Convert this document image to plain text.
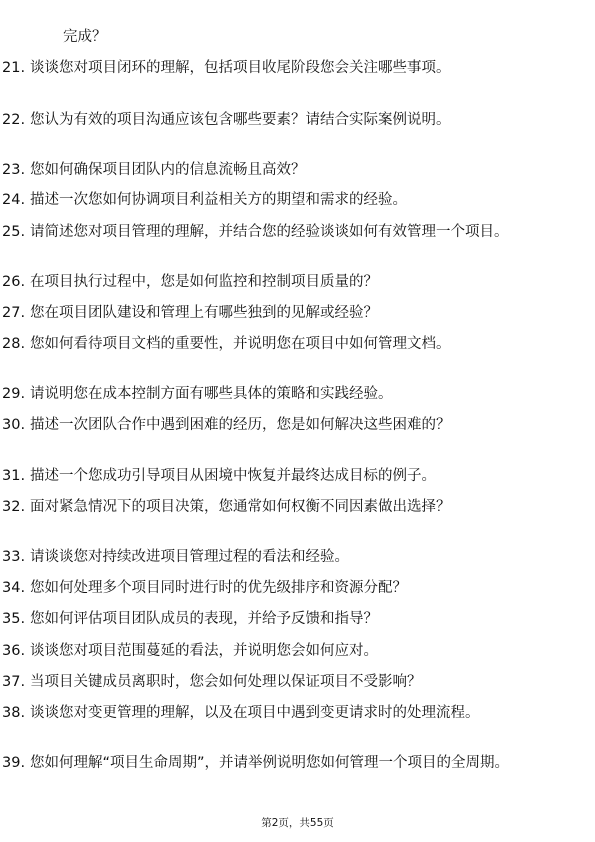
完成？
21. 谈谈您对项目闭环的理解，包括项目收尾阶段您会关注哪些事项。
22. 您认为有效的项目沟通应该包含哪些要素？请结合实际案例说明。
23. 您如何确保项目团队内的信息流畅且高效？
24. 描述一次您如何协调项目利益相关方的期望和需求的经验。
25. 请简述您对项目管理的理解，并结合您的经验谈谈如何有效管理一个项目。
26. 在项目执行过程中，您是如何监控和控制项目质量的？
27. 您在项目团队建设和管理上有哪些独到的见解或经验？
28. 您如何看待项目文档的重要性，并说明您在项目中如何管理文档。
29. 请说明您在成本控制方面有哪些具体的策略和实践经验。
30. 描述一次团队合作中遇到困难的经历，您是如何解决这些困难的？
31. 描述一个您成功引导项目从困境中恢复并最终达成目标的例子。
32. 面对紧急情况下的项目决策，您通常如何权衡不同因素做出选择？
33. 请谈谈您对持续改进项目管理过程的看法和经验。
34. 您如何处理多个项目同时进行时的优先级排序和资源分配？
35. 您如何评估项目团队成员的表现，并给予反馈和指导？
36. 谈谈您对项目范围蔓延的看法，并说明您会如何应对。
37. 当项目关键成员离职时，您会如何处理以保证项目不受影响？
38. 谈谈您对变更管理的理解，以及在项目中遇到变更请求时的处理流程。
39. 您如何理解“项目生命周期”，并请举例说明您如何管理一个项目的全周期。
第2页，共55页
